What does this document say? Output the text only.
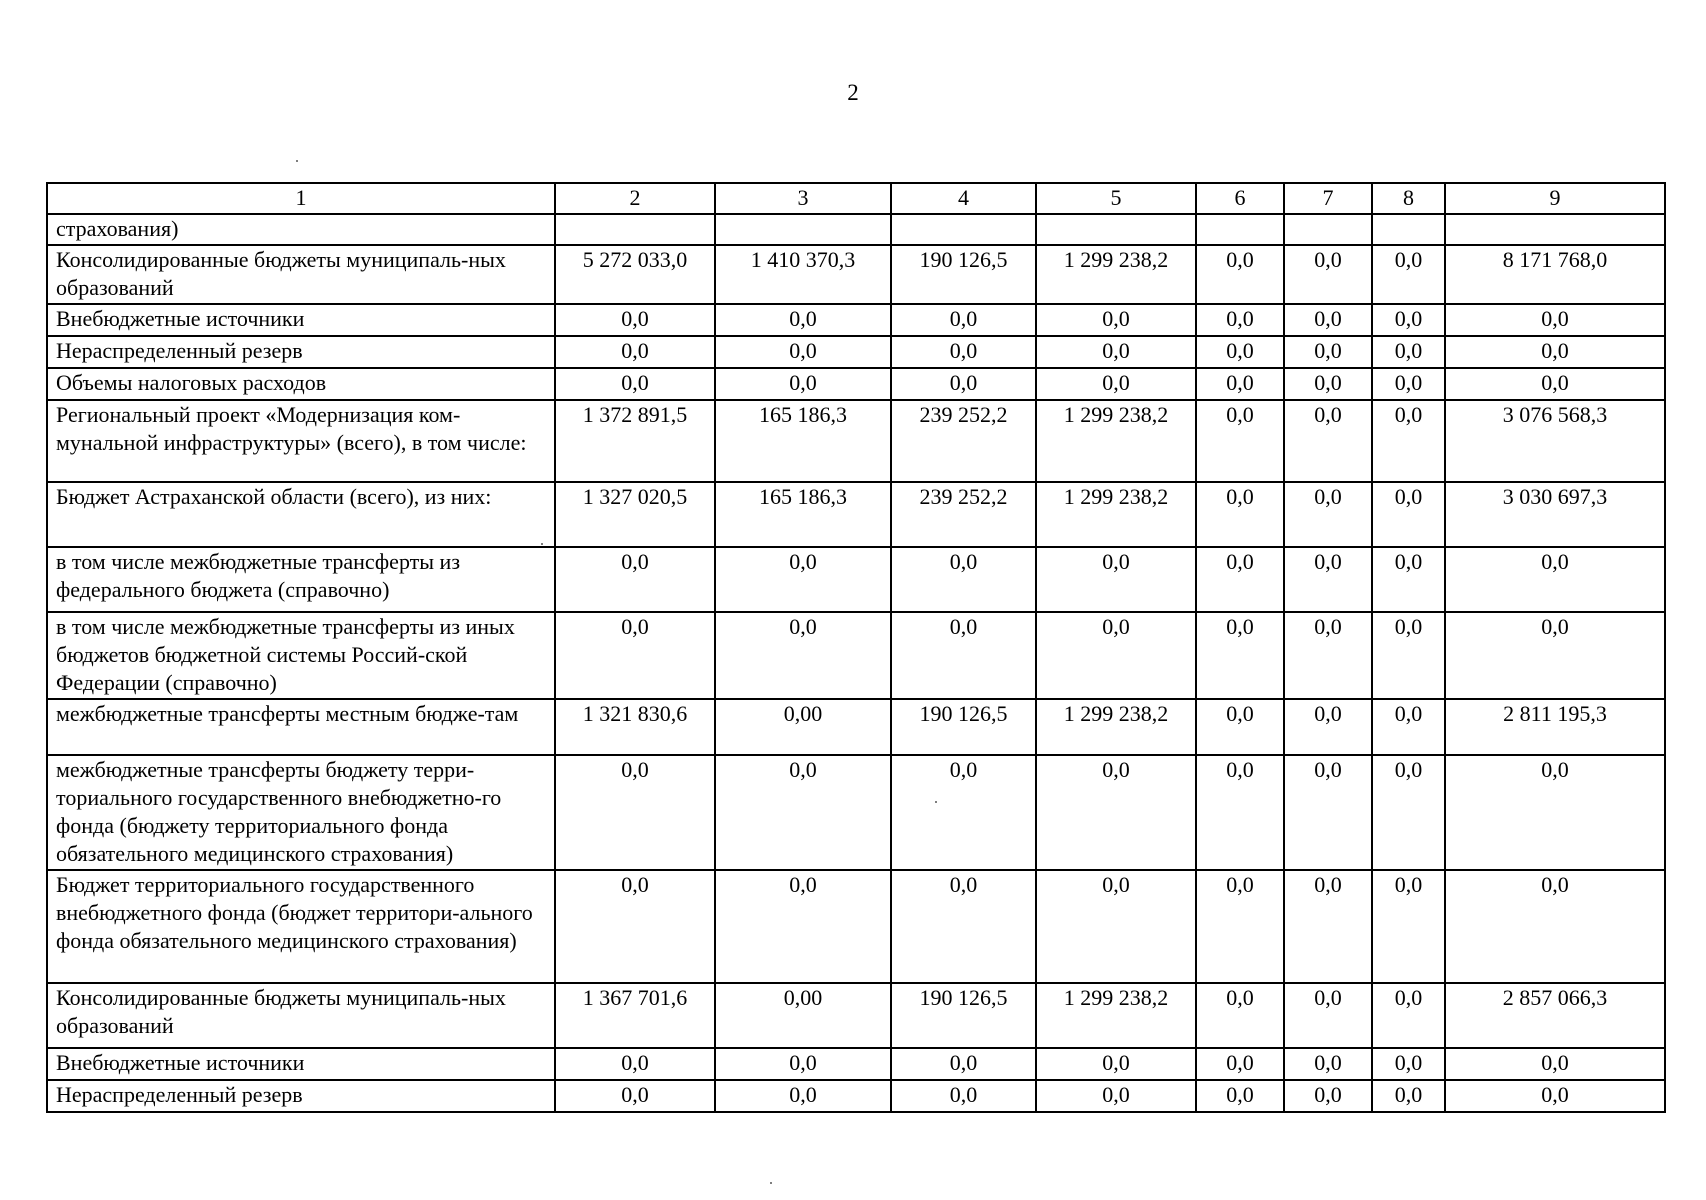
2
1	2	3	4	5	6	7	8	9
страхования)								
Консолидированные бюджеты муниципаль-ных образований	5 272 033,0	1 410 370,3	190 126,5	1 299 238,2	0,0	0,0	0,0	8 171 768,0
Внебюджетные источники	0,0	0,0	0,0	0,0	0,0	0,0	0,0	0,0
Нераспределенный резерв	0,0	0,0	0,0	0,0	0,0	0,0	0,0	0,0
Объемы налоговых расходов	0,0	0,0	0,0	0,0	0,0	0,0	0,0	0,0
Региональный проект «Модернизация ком-мунальной инфраструктуры» (всего), в том числе:	1 372 891,5	165 186,3	239 252,2	1 299 238,2	0,0	0,0	0,0	3 076 568,3
Бюджет Астраханской области (всего), из них:	1 327 020,5	165 186,3	239 252,2	1 299 238,2	0,0	0,0	0,0	3 030 697,3
в том числе межбюджетные трансферты из федерального бюджета (справочно)	0,0	0,0	0,0	0,0	0,0	0,0	0,0	0,0
в том числе межбюджетные трансферты из иных бюджетов бюджетной системы Россий-ской Федерации (справочно)	0,0	0,0	0,0	0,0	0,0	0,0	0,0	0,0
межбюджетные трансферты местным бюдже-там	1 321 830,6	0,00	190 126,5	1 299 238,2	0,0	0,0	0,0	2 811 195,3
межбюджетные трансферты бюджету терри-ториального государственного внебюджетно-го фонда (бюджету территориального фонда обязательного медицинского страхования)	0,0	0,0	0,0	0,0	0,0	0,0	0,0	0,0
Бюджет территориального государственного внебюджетного фонда (бюджет территори-ального фонда обязательного медицинского страхования)	0,0	0,0	0,0	0,0	0,0	0,0	0,0	0,0
Консолидированные бюджеты муниципаль-ных образований	1 367 701,6	0,00	190 126,5	1 299 238,2	0,0	0,0	0,0	2 857 066,3
Внебюджетные источники	0,0	0,0	0,0	0,0	0,0	0,0	0,0	0,0
Нераспределенный резерв	0,0	0,0	0,0	0,0	0,0	0,0	0,0	0,0
